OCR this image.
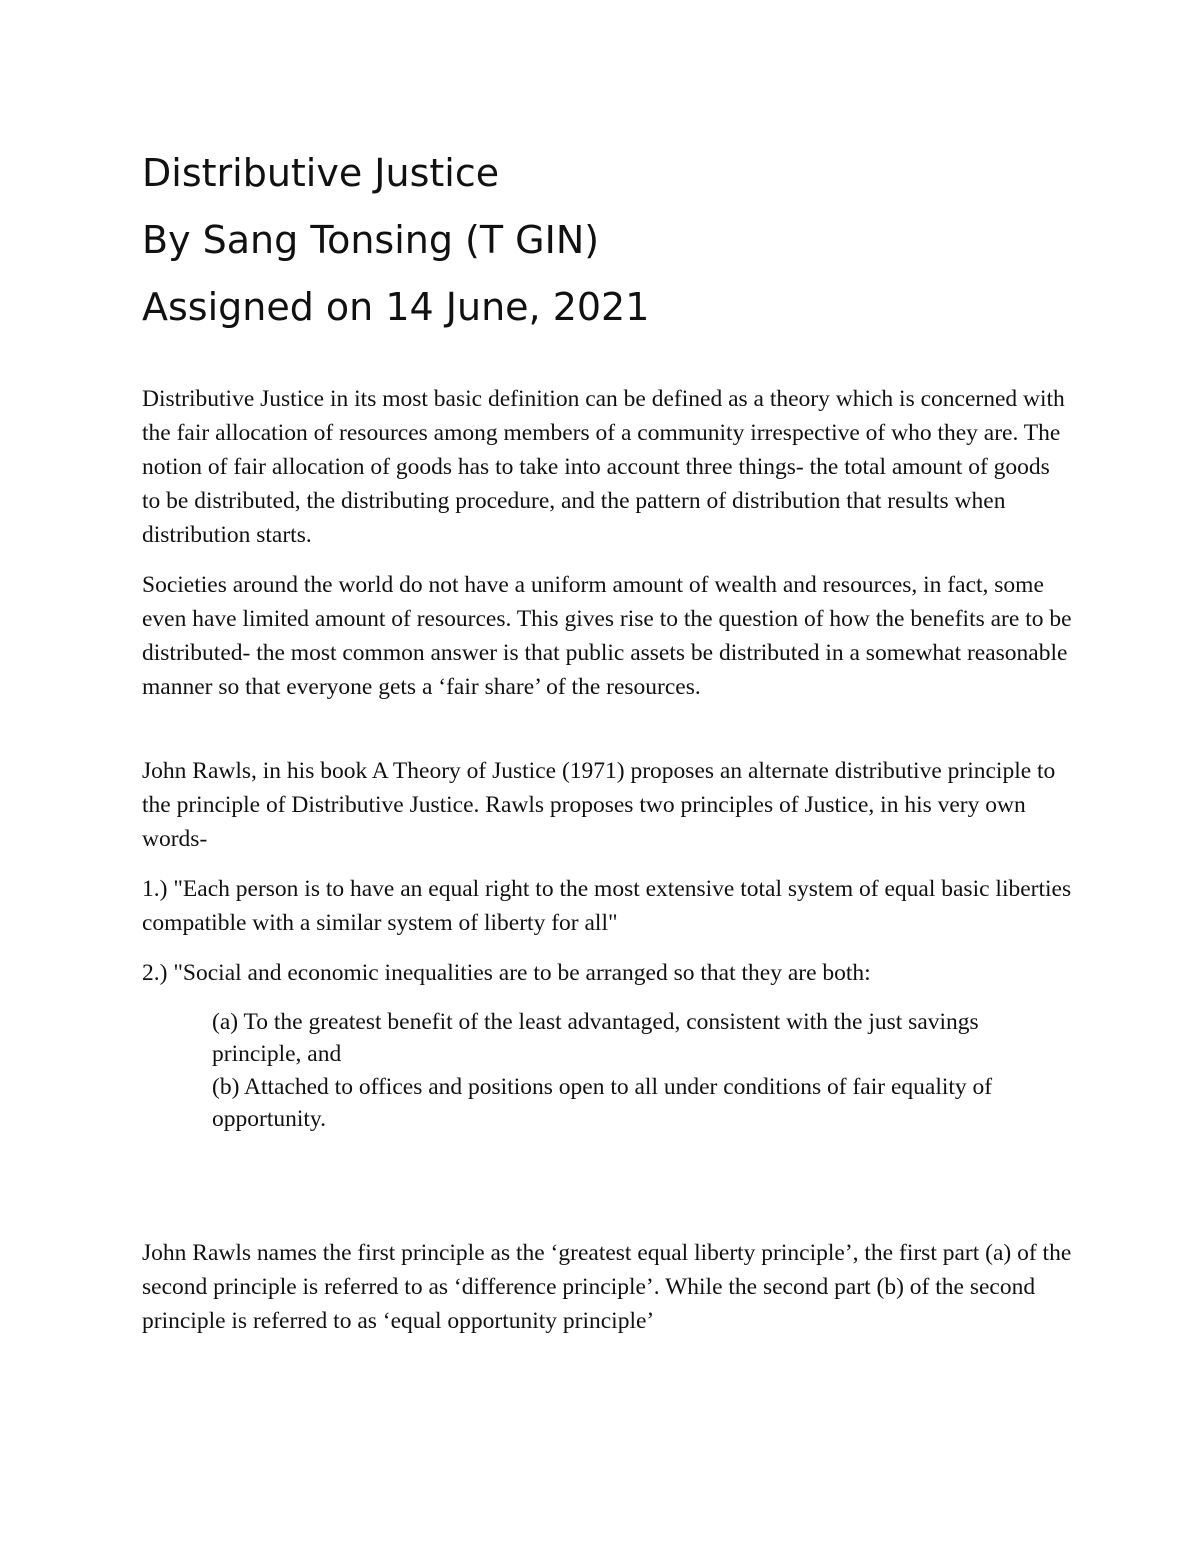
Distributive Justice
By Sang Tonsing (T GIN)
Assigned on 14 June, 2021
Distributive Justice in its most basic definition can be defined as a theory which is concerned with the fair allocation of resources among members of a community irrespective of who they are. The notion of fair allocation of goods has to take into account three things- the total amount of goods to be distributed, the distributing procedure, and the pattern of distribution that results when distribution starts.
Societies around the world do not have a uniform amount of wealth and resources, in fact, some even have limited amount of resources. This gives rise to the question of how the benefits are to be distributed- the most common answer is that public assets be distributed in a somewhat reasonable manner so that everyone gets a ‘fair share’ of the resources.
John Rawls, in his book A Theory of Justice (1971) proposes an alternate distributive principle to the principle of Distributive Justice. Rawls proposes two principles of Justice, in his very own words-
1.) "Each person is to have an equal right to the most extensive total system of equal basic liberties compatible with a similar system of liberty for all"
2.) "Social and economic inequalities are to be arranged so that they are both:
(a) To the greatest benefit of the least advantaged, consistent with the just savings principle, and
(b) Attached to offices and positions open to all under conditions of fair equality of opportunity.
John Rawls names the first principle as the ‘greatest equal liberty principle’, the first part (a) of the second principle is referred to as ‘difference principle’. While the second part (b) of the second principle is referred to as ‘equal opportunity principle’
